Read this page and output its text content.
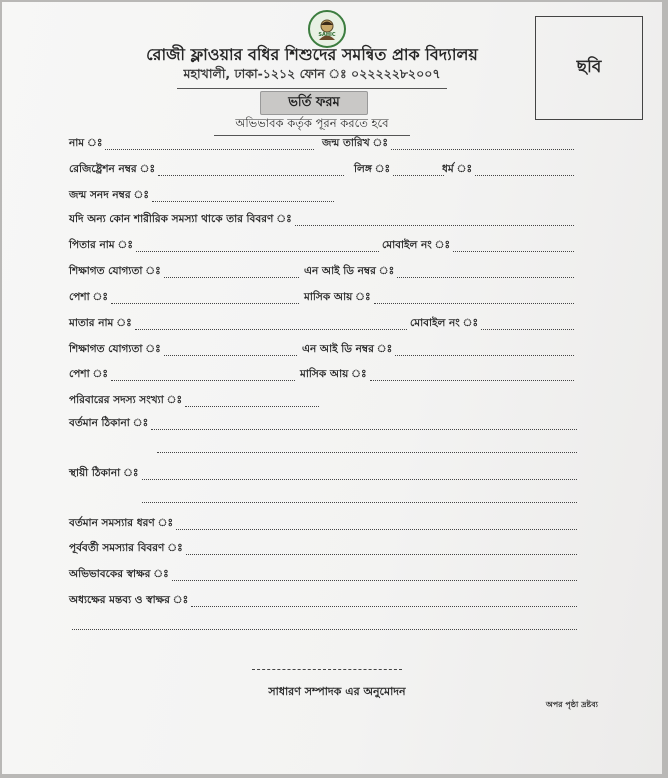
SAHIC
ছবি
রোজী ফ্লাওয়ার বধির শিশুদের সমন্বিত প্রাক বিদ্যালয়
মহাখালী, ঢাকা-১২১২ ফোন ঃ ০২২২২২৮২০০৭
ভর্তি ফরম
অভিভাবক কর্তৃক পূরন করতে হবে
নাম ঃ	জন্ম তারিখ ঃ
রেজিষ্ট্রেশন নম্বর ঃ	লিঙ্গ ঃ	ধর্ম ঃ
জন্ম সনদ নম্বর ঃ
যদি অন্য কোন শারীরিক সমস্যা থাকে তার বিবরণ ঃ
পিতার নাম ঃ	মোবাইল নং ঃ
শিক্ষাগত যোগ্যতা ঃ	এন আই ডি নম্বর ঃ
পেশা ঃ	মাসিক আয় ঃ
মাতার নাম ঃ	মোবাইল নং ঃ
শিক্ষাগত যোগ্যতা ঃ	এন আই ডি নম্বর ঃ
পেশা ঃ	মাসিক আয় ঃ
পরিবারের সদস্য সংখ্যা ঃ
বর্তমান ঠিকানা ঃ
স্থায়ী ঠিকানা ঃ
বর্তমান সমস্যার ধরণ ঃ
পূর্ববর্তী সমস্যার বিবরণ ঃ
অভিভাবকের স্বাক্ষর ঃ
অধ্যক্ষের মন্তব্য ও স্বাক্ষর ঃ
সাধারণ সম্পাদক এর অনুমোদন
অপর পৃষ্ঠা দ্রষ্টব্য
